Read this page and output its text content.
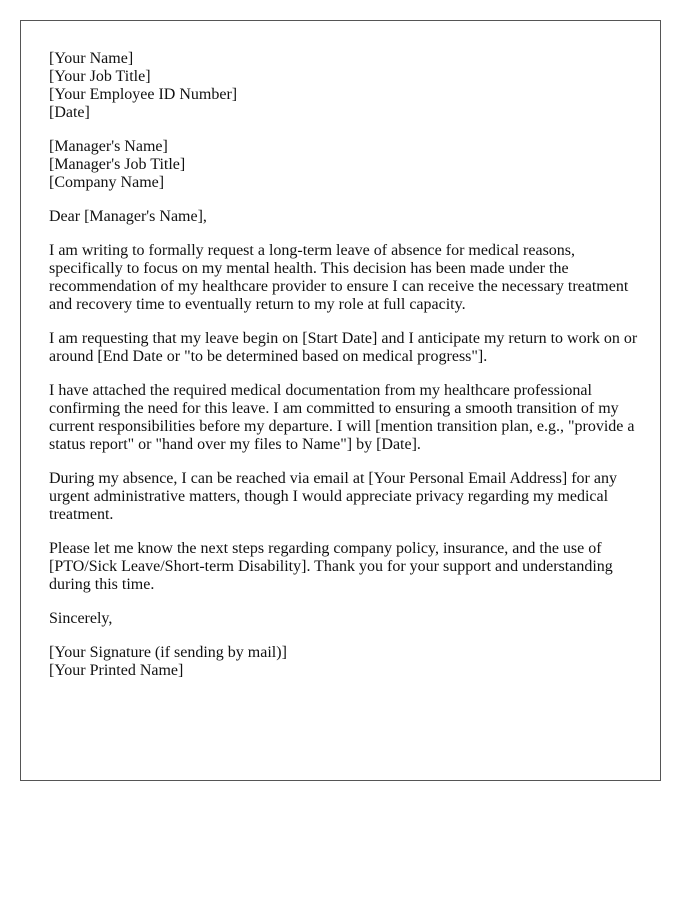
[Your Name]
[Your Job Title]
[Your Employee ID Number]
[Date]
[Manager's Name]
[Manager's Job Title]
[Company Name]

Dear [Manager's Name],

I am writing to formally request a long-term leave of absence for medical reasons, specifically to focus on my mental health. This decision has been made under the recommendation of my healthcare provider to ensure I can receive the necessary treatment and recovery time to eventually return to my role at full capacity.

I am requesting that my leave begin on [Start Date] and I anticipate my return to work on or around [End Date or "to be determined based on medical progress"].

I have attached the required medical documentation from my healthcare professional confirming the need for this leave. I am committed to ensuring a smooth transition of my current responsibilities before my departure. I will [mention transition plan, e.g., "provide a status report" or "hand over my files to Name"] by [Date].

During my absence, I can be reached via email at [Your Personal Email Address] for any urgent administrative matters, though I would appreciate privacy regarding my medical treatment.

Please let me know the next steps regarding company policy, insurance, and the use of [PTO/Sick Leave/Short-term Disability]. Thank you for your support and understanding during this time.

Sincerely,

[Your Signature (if sending by mail)]
[Your Printed Name]
